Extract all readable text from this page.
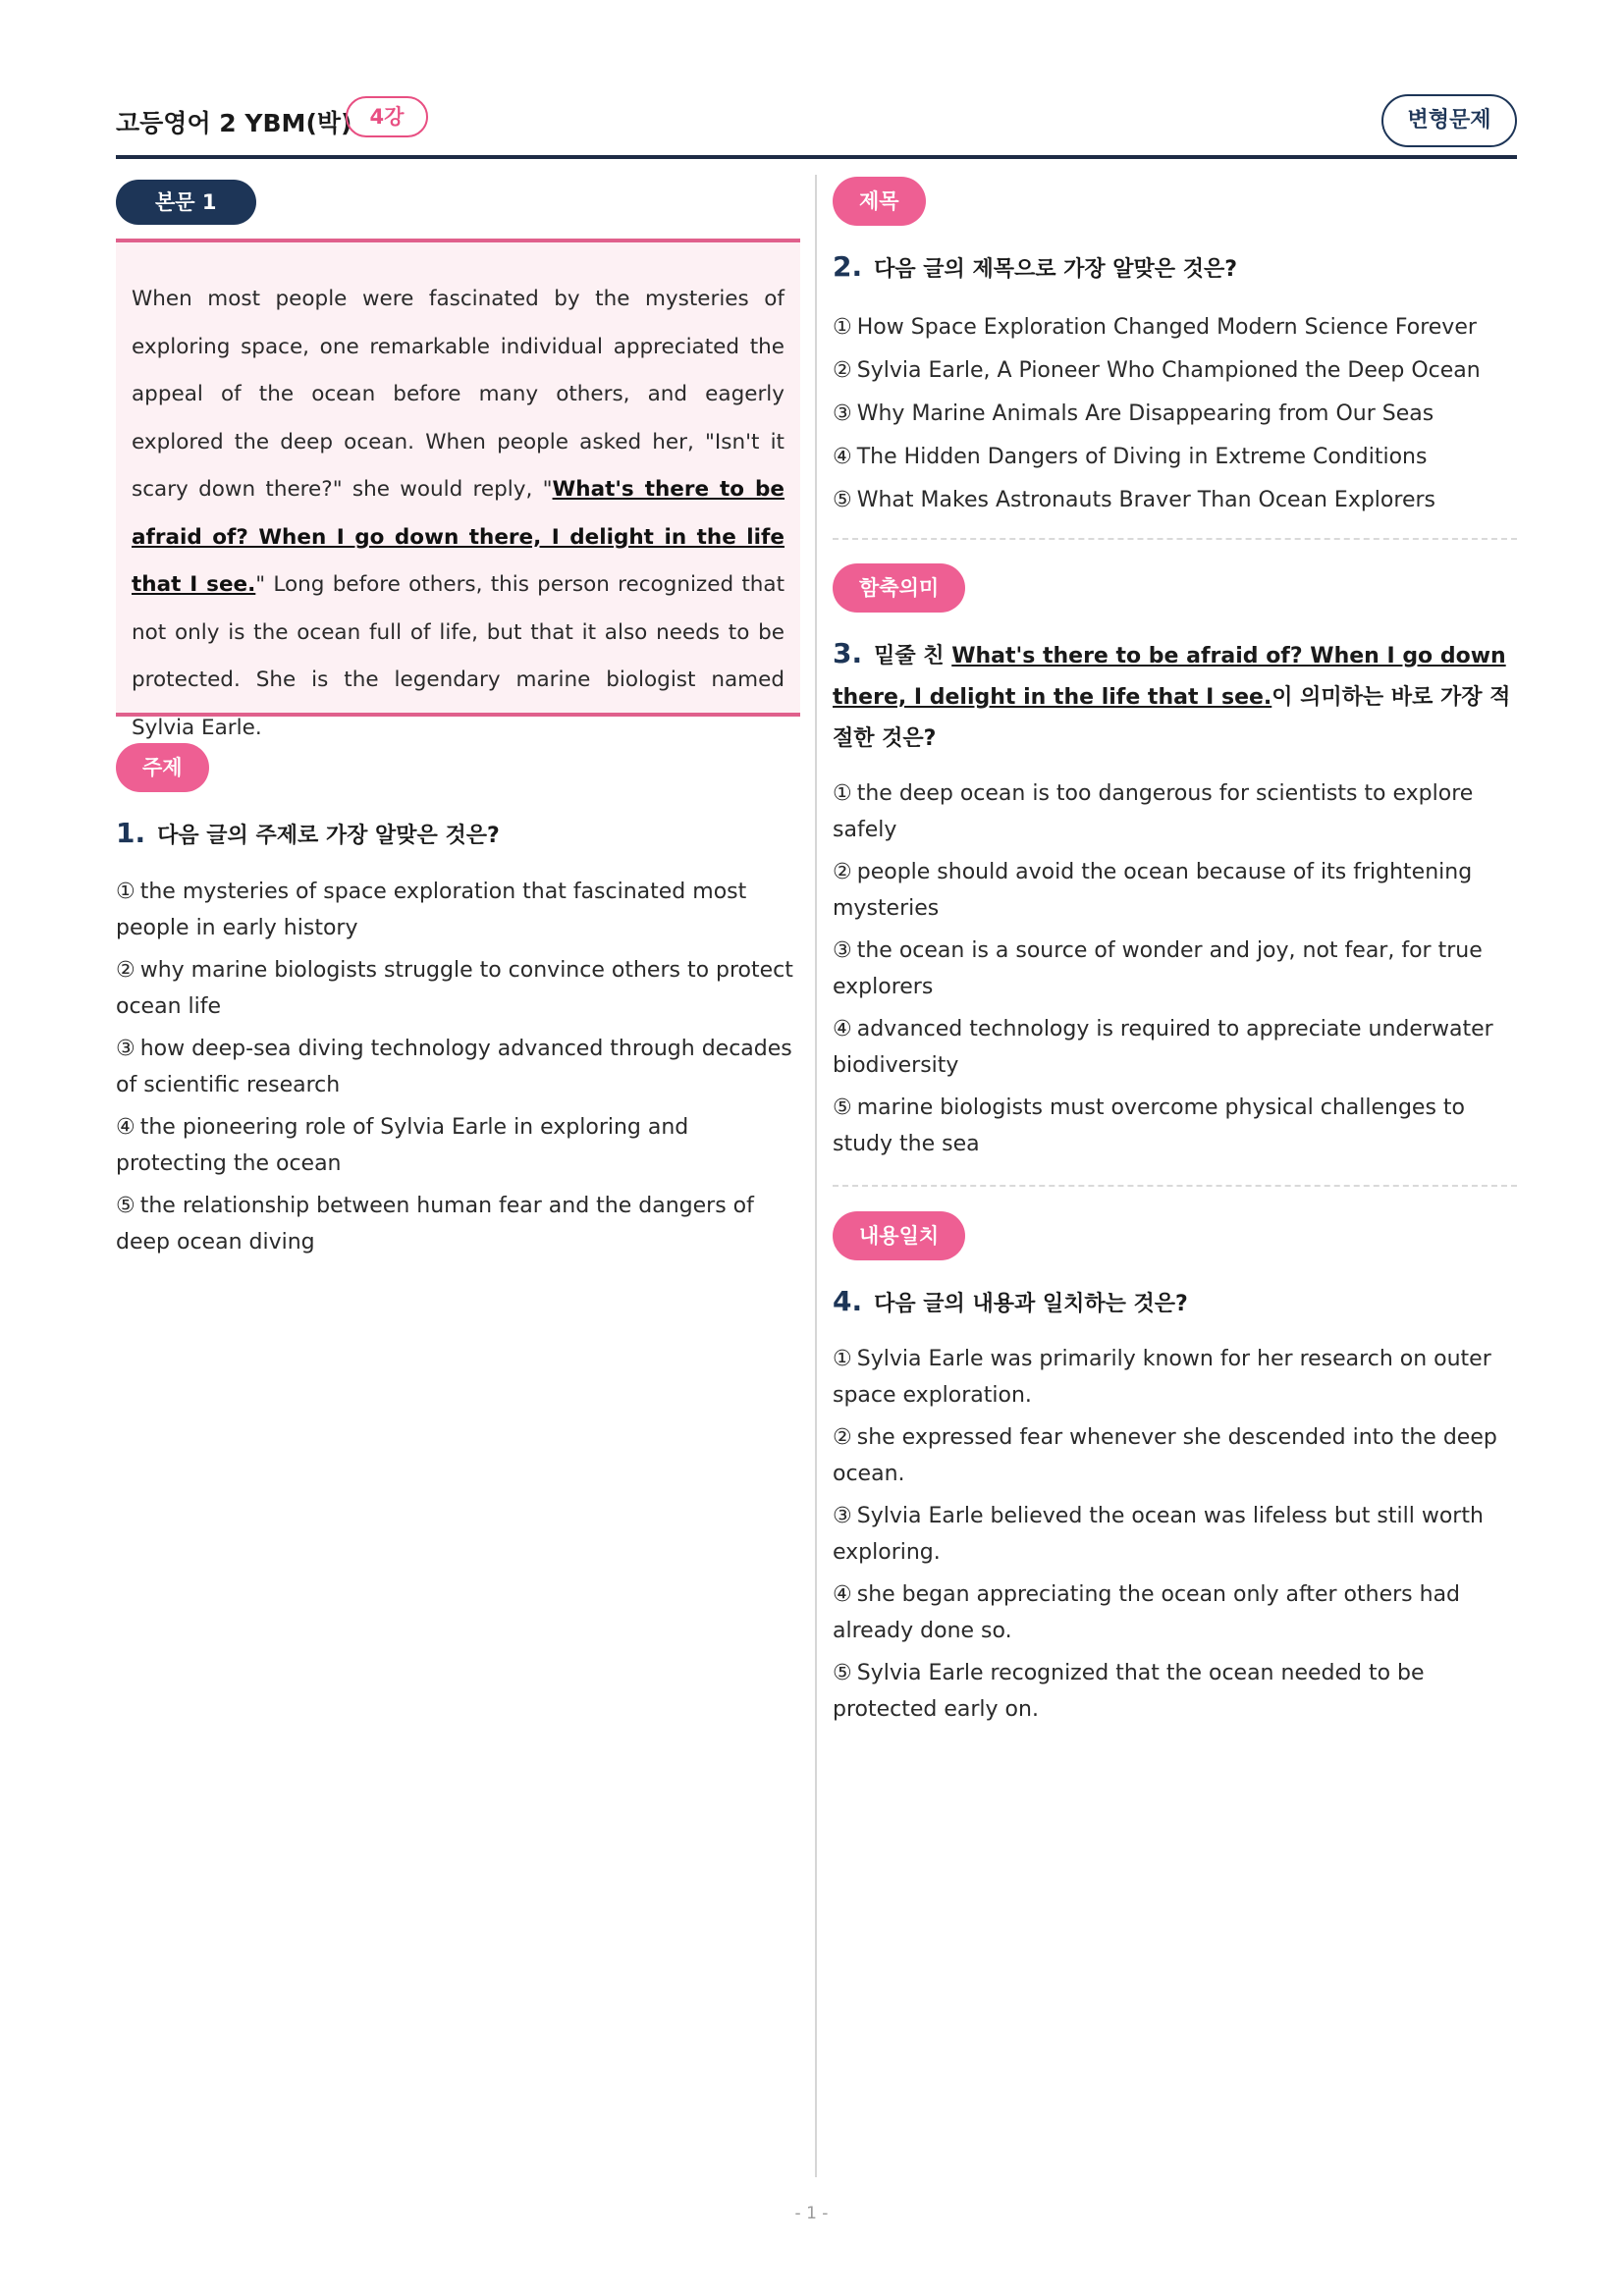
고등영어 2 YBM(박) 4강	변형문제
본문 1

When most people were fascinated by the mysteries of exploring space, one remarkable individual appreciated the appeal of the ocean before many others, and eagerly explored the deep ocean. When people asked her, "Isn't it scary down there?" she would reply, "What's there to be afraid of? When I go down there, I delight in the life that I see." Long before others, this person recognized that not only is the ocean full of life, but that it also needs to be protected. She is the legendary marine biologist named Sylvia Earle.

주제
1. 다음 글의 주제로 가장 알맞은 것은?
① the mysteries of space exploration that fascinated most people in early history
② why marine biologists struggle to convince others to protect ocean life
③ how deep-sea diving technology advanced through decades of scientific research
④ the pioneering role of Sylvia Earle in exploring and protecting the ocean
⑤ the relationship between human fear and the dangers of deep ocean diving
제목
2. 다음 글의 제목으로 가장 알맞은 것은?
① How Space Exploration Changed Modern Science Forever
② Sylvia Earle, A Pioneer Who Championed the Deep Ocean
③ Why Marine Animals Are Disappearing from Our Seas
④ The Hidden Dangers of Diving in Extreme Conditions
⑤ What Makes Astronauts Braver Than Ocean Explorers
함축의미
3. 밑줄 친 What's there to be afraid of? When I go down there, I delight in the life that I see.이 의미하는 바로 가장 적절한 것은?
① the deep ocean is too dangerous for scientists to explore safely
② people should avoid the ocean because of its frightening mysteries
③ the ocean is a source of wonder and joy, not fear, for true explorers
④ advanced technology is required to appreciate underwater biodiversity
⑤ marine biologists must overcome physical challenges to study the sea
내용일치
4. 다음 글의 내용과 일치하는 것은?
① Sylvia Earle was primarily known for her research on outer space exploration.
② she expressed fear whenever she descended into the deep ocean.
③ Sylvia Earle believed the ocean was lifeless but still worth exploring.
④ she began appreciating the ocean only after others had already done so.
⑤ Sylvia Earle recognized that the ocean needed to be protected early on.
- 1 -
